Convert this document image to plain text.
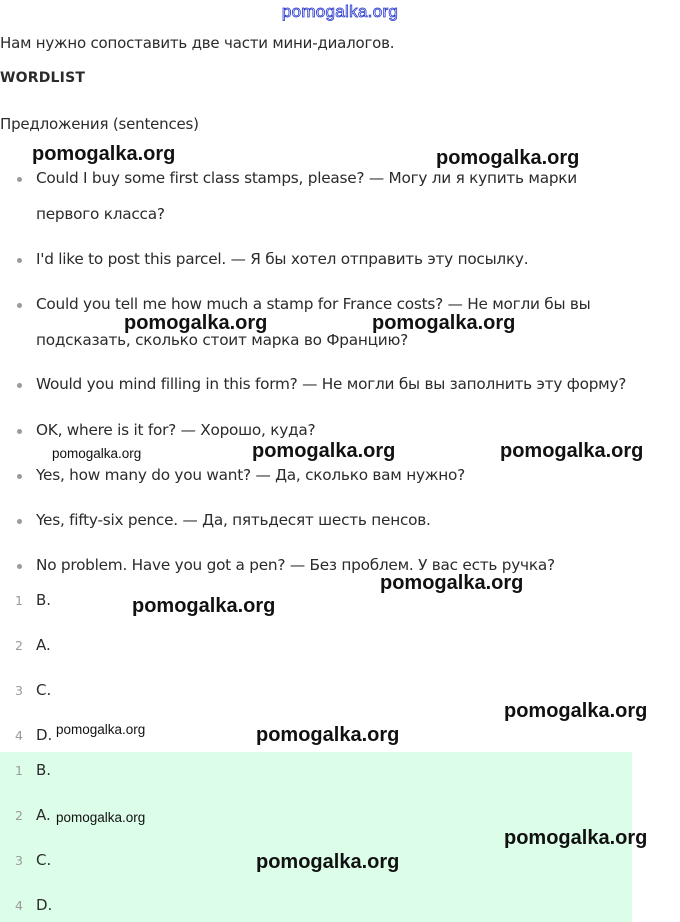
pomogalka.org
Нам нужно сопоставить две части мини-диалогов.
WORDLIST
Предложения (sentences)
Could I buy some first class stamps, please? — Могу ли я купить марки
первого класса?
I'd like to post this parcel. — Я бы хотел отправить эту посылку.
Could you tell me how much a stamp for France costs? — Не могли бы вы
подсказать, сколько стоит марка во Францию?
Would you mind filling in this form? — Не могли бы вы заполнить эту форму?
OK, where is it for? — Хорошо, куда?
Yes, how many do you want? — Да, сколько вам нужно?
Yes, fifty-six pence. — Да, пятьдесят шесть пенсов.
No problem. Have you got a pen? — Без проблем. У вас есть ручка?
1 B.
2 A.
3 C.
4 D.
1 B.
2 A.
3 C.
4 D.
pomogalka.org	pomogalka.org
pomogalka.org	pomogalka.org
pomogalka.org	pomogalka.org	pomogalka.org
pomogalka.org
pomogalka.org
pomogalka.org
pomogalka.org	pomogalka.org
pomogalka.org
pomogalka.org
pomogalka.org
